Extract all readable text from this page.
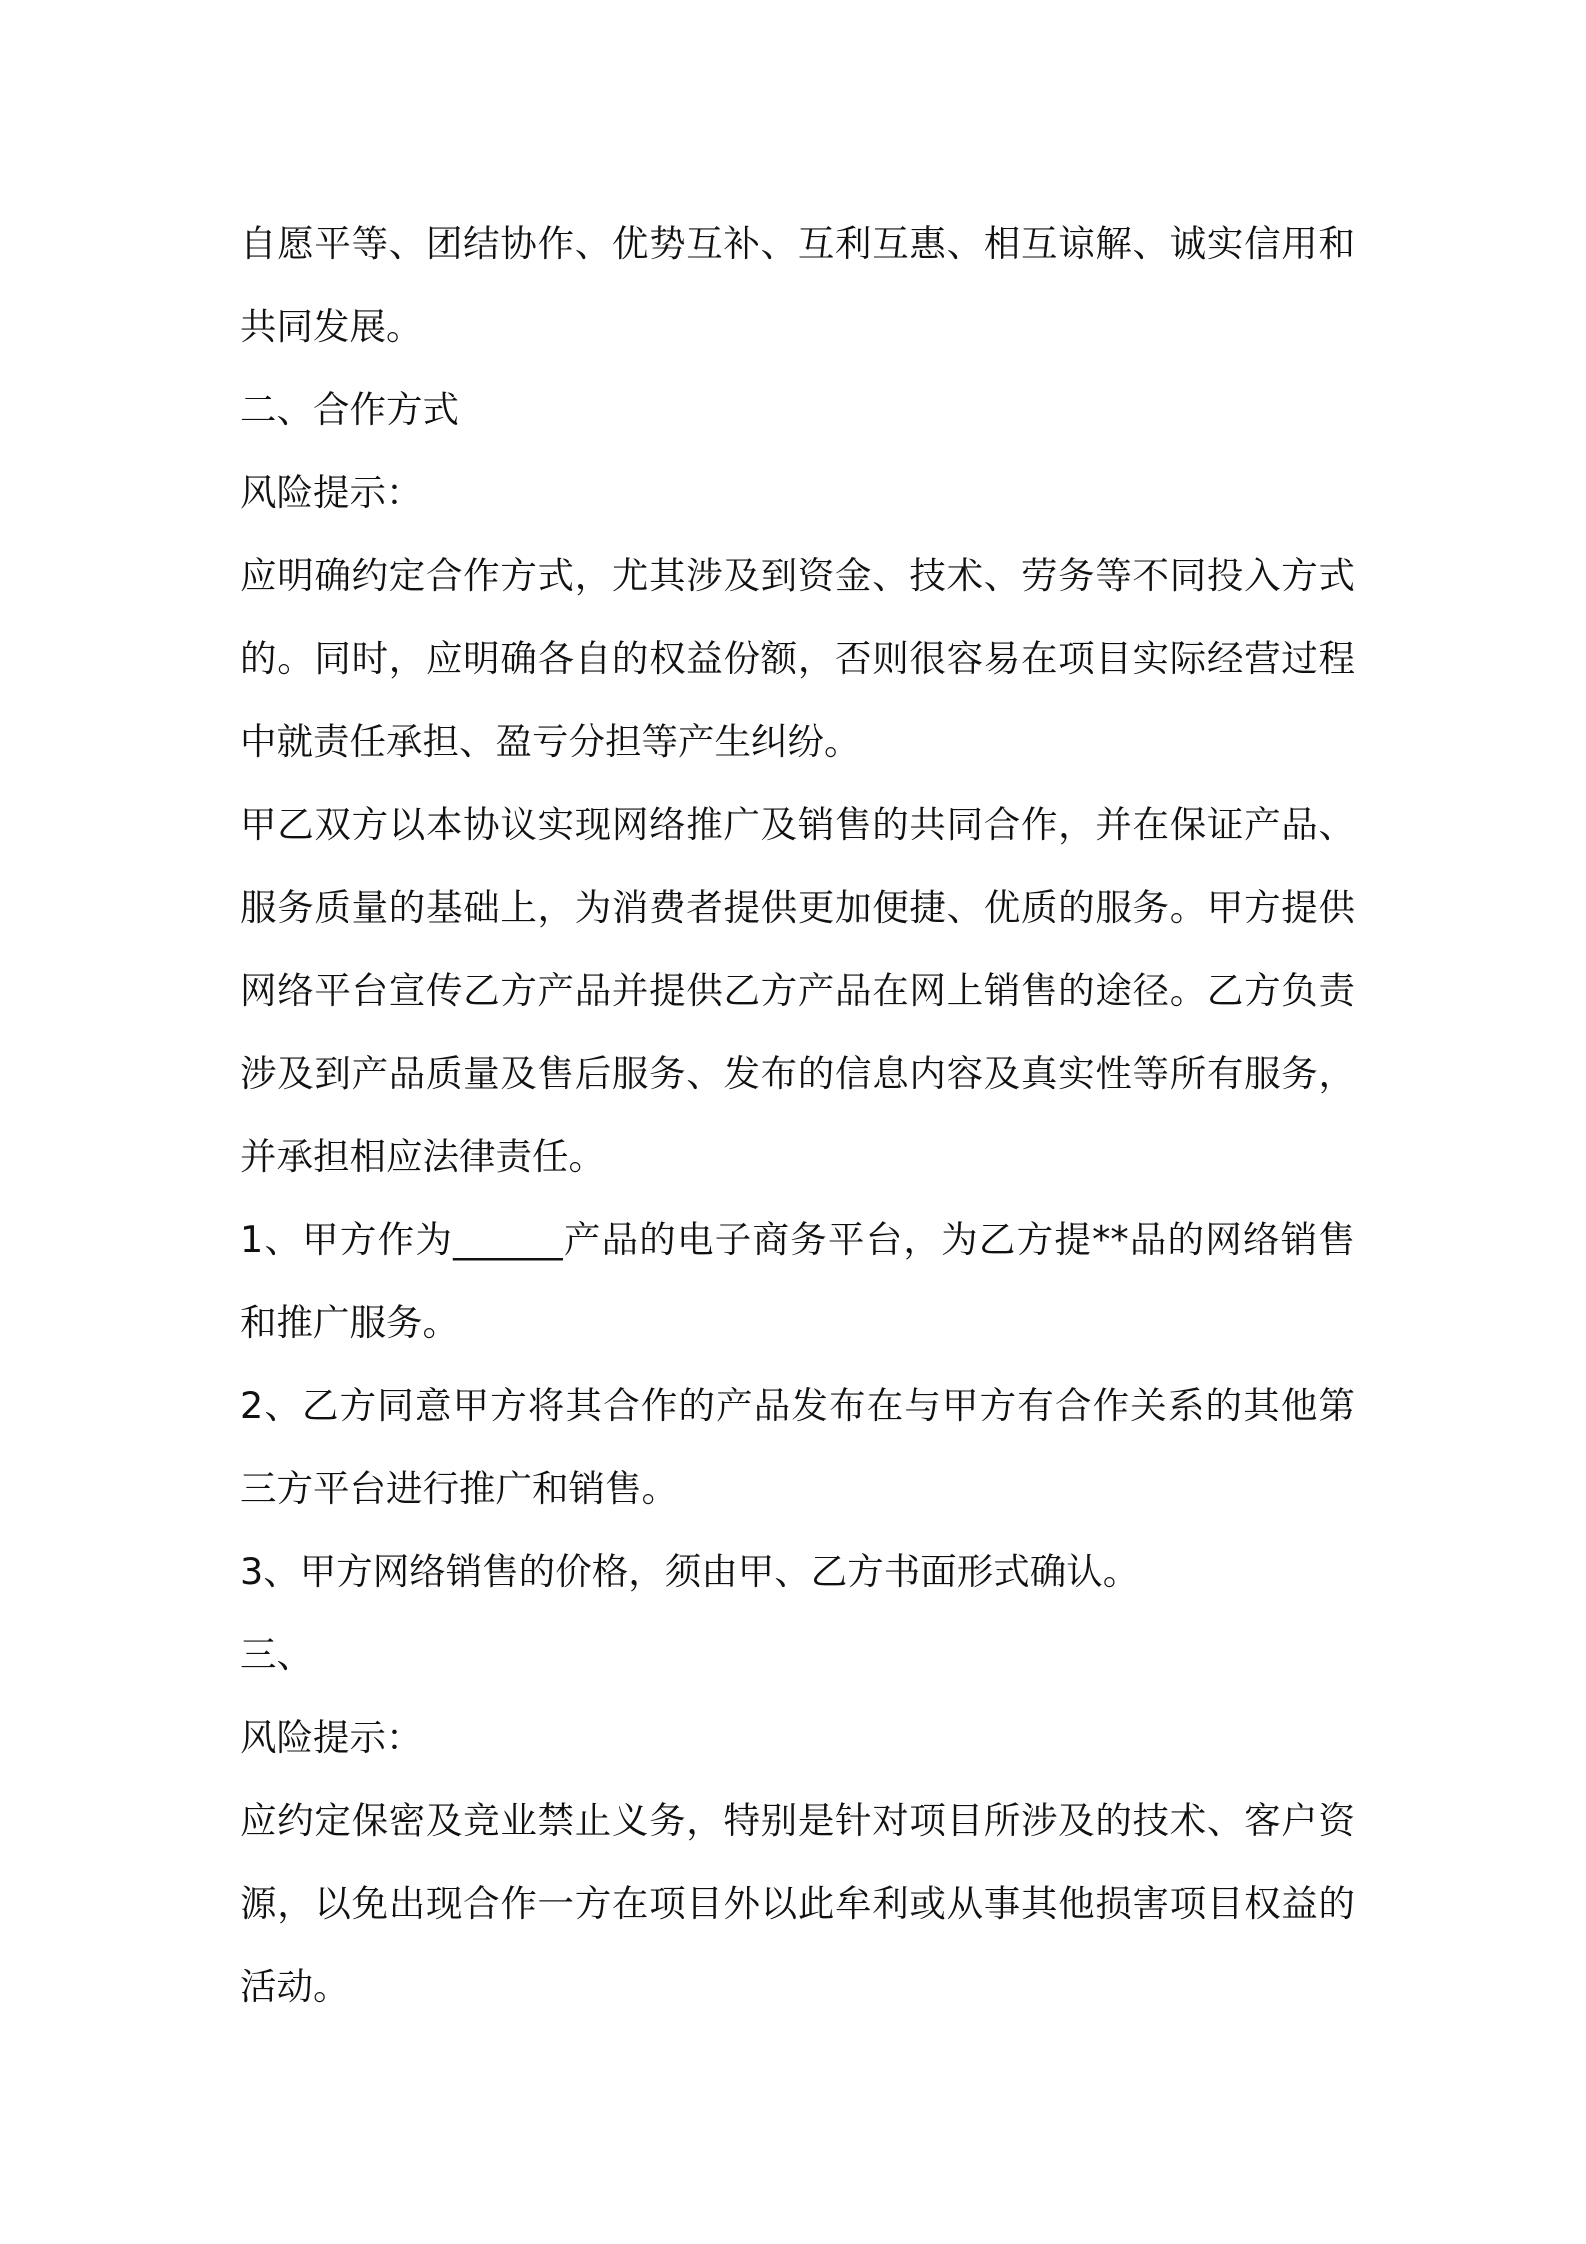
自愿平等、团结协作、优势互补、互利互惠、相互谅解、诚实信用和共同发展。

二、合作方式

风险提示：

应明确约定合作方式，尤其涉及到资金、技术、劳务等不同投入方式的。同时，应明确各自的权益份额，否则很容易在项目实际经营过程中就责任承担、盈亏分担等产生纠纷。

甲乙双方以本协议实现网络推广及销售的共同合作，并在保证产品、服务质量的基础上，为消费者提供更加便捷、优质的服务。甲方提供网络平台宣传乙方产品并提供乙方产品在网上销售的途径。乙方负责涉及到产品质量及售后服务、发布的信息内容及真实性等所有服务，并承担相应法律责任。

1、甲方作为______产品的电子商务平台，为乙方提**品的网络销售和推广服务。

2、乙方同意甲方将其合作的产品发布在与甲方有合作关系的其他第三方平台进行推广和销售。

3、甲方网络销售的价格，须由甲、乙方书面形式确认。

三、

风险提示：

应约定保密及竞业禁止义务，特别是针对项目所涉及的技术、客户资源，以免出现合作一方在项目外以此牟利或从事其他损害项目权益的活动。
